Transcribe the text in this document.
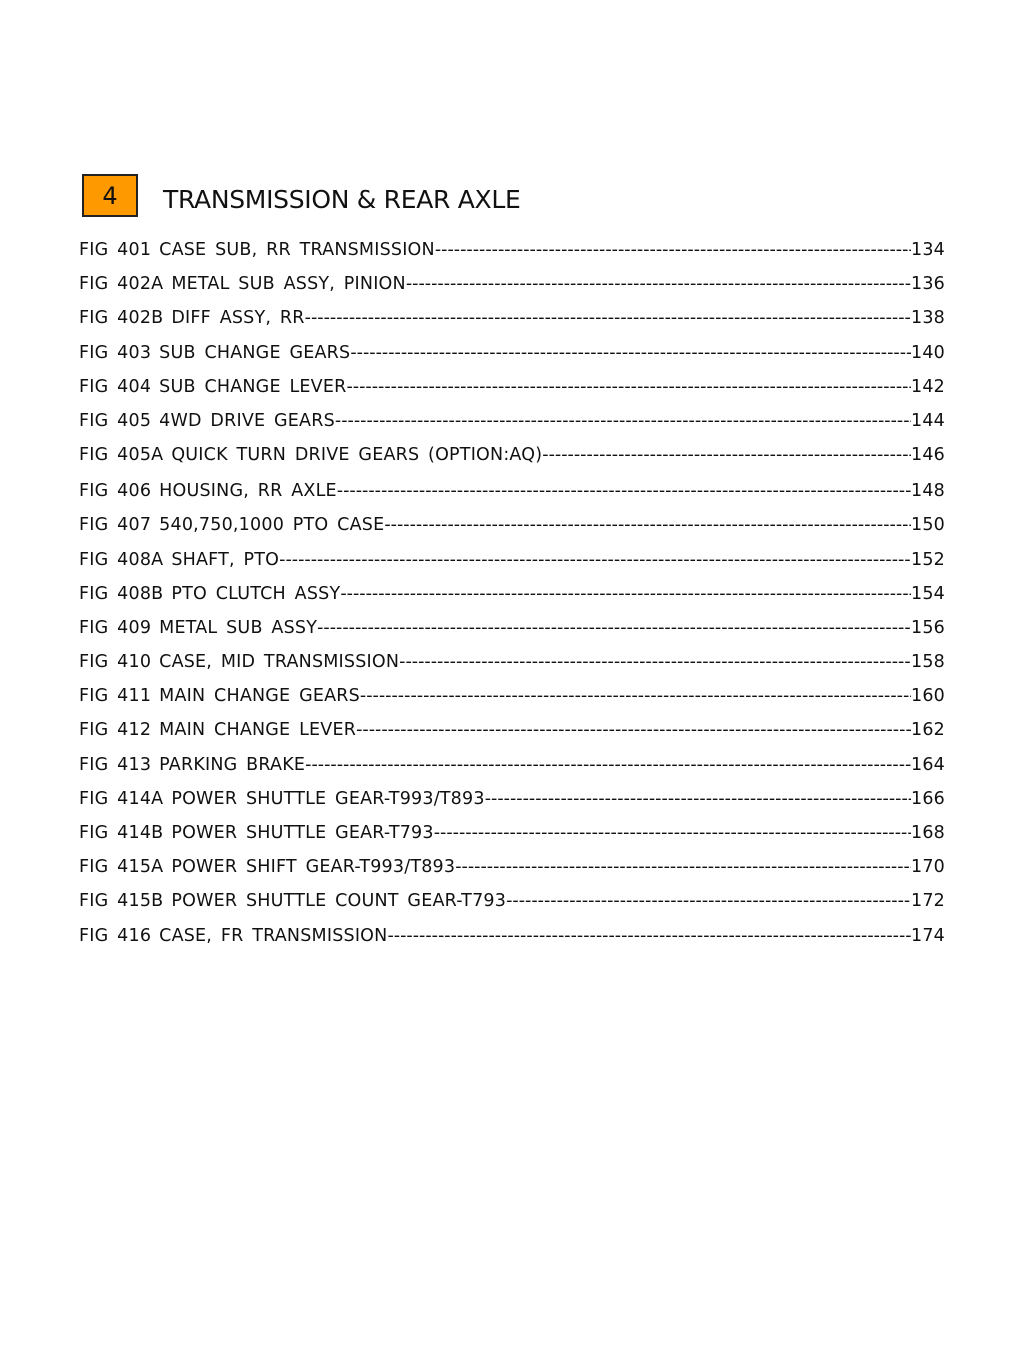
4 TRANSMISSION & REAR AXLE
FIG 401 CASE SUB, RR TRANSMISSION -----	134
FIG 402A METAL SUB ASSY, PINION -----	136
FIG 402B DIFF ASSY, RR -----	138
FIG 403 SUB CHANGE GEARS -----	140
FIG 404 SUB CHANGE LEVER -----	142
FIG 405 4WD DRIVE GEARS -----	144
FIG 405A QUICK TURN DRIVE GEARS (OPTION:AQ) -----	146
FIG 406 HOUSING, RR AXLE -----	148
FIG 407 540,750,1000 PTO CASE -----	150
FIG 408A SHAFT, PTO -----	152
FIG 408B PTO CLUTCH ASSY -----	154
FIG 409 METAL SUB ASSY -----	156
FIG 410 CASE, MID TRANSMISSION -----	158
FIG 411 MAIN CHANGE GEARS -----	160
FIG 412 MAIN CHANGE LEVER -----	162
FIG 413 PARKING BRAKE -----	164
FIG 414A POWER SHUTTLE GEAR-T993/T893 -----	166
FIG 414B POWER SHUTTLE GEAR-T793 -----	168
FIG 415A POWER SHIFT GEAR-T993/T893 -----	170
FIG 415B POWER SHUTTLE COUNT GEAR-T793 -----	172
FIG 416 CASE, FR TRANSMISSION -----	174
